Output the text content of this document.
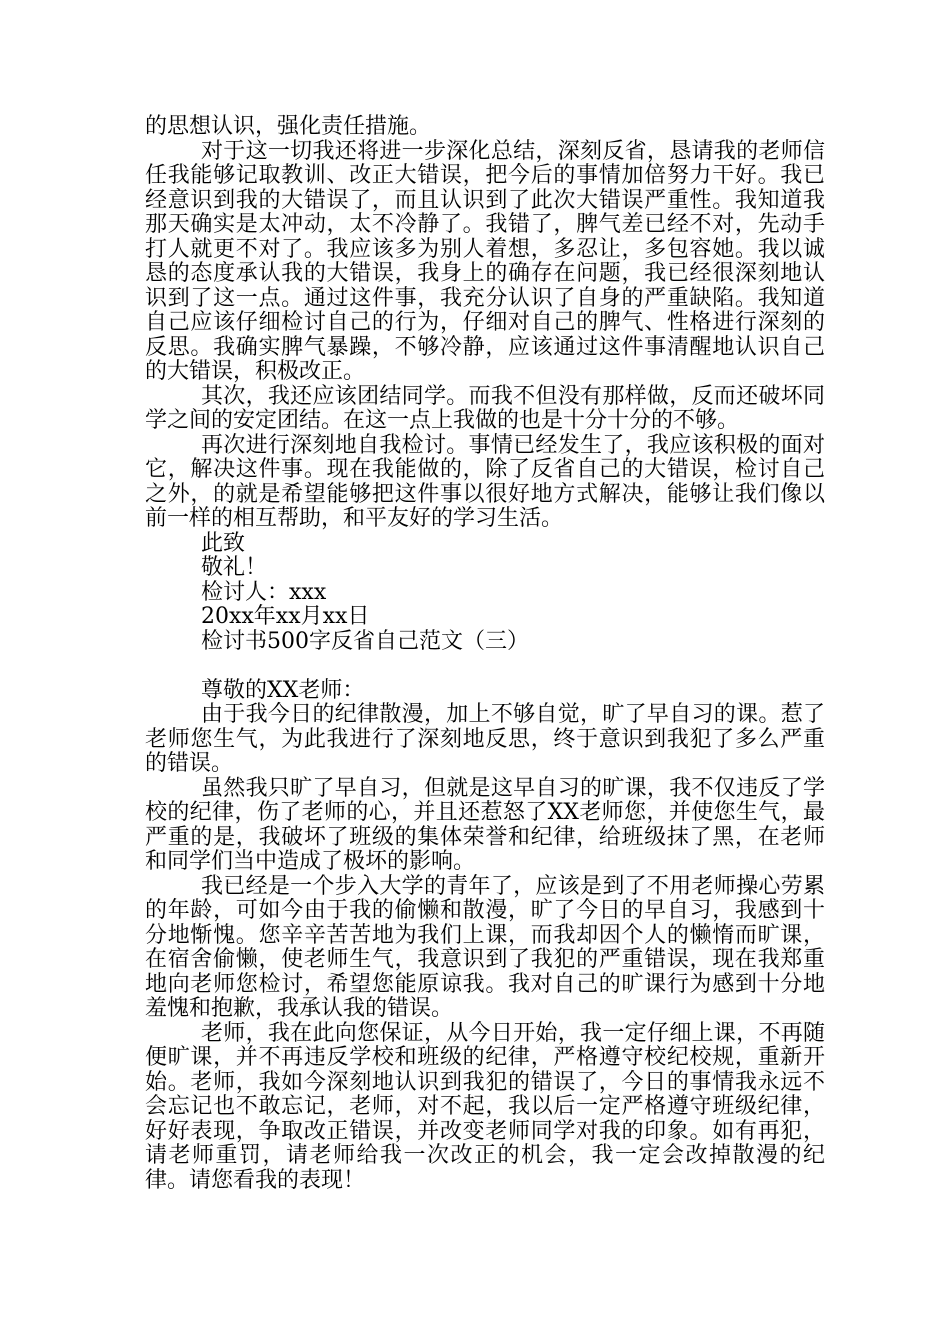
的思想认识，强化责任措施。

对于这一切我还将进一步深化总结，深刻反省，恳请我的老师信任我能够记取教训、改正大错误，把今后的事情加倍努力干好。我已经意识到我的大错误了，而且认识到了此次大错误严重性。我知道我那天确实是太冲动，太不冷静了。我错了，脾气差已经不对，先动手打人就更不对了。我应该多为别人着想，多忍让，多包容她。我以诚恳的态度承认我的大错误，我身上的确存在问题，我已经很深刻地认识到了这一点。通过这件事，我充分认识了自身的严重缺陷。我知道自己应该仔细检讨自己的行为，仔细对自己的脾气、性格进行深刻的反思。我确实脾气暴躁，不够冷静，应该通过这件事清醒地认识自己的大错误，积极改正。

其次，我还应该团结同学。而我不但没有那样做，反而还破坏同学之间的安定团结。在这一点上我做的也是十分十分的不够。

再次进行深刻地自我检讨。事情已经发生了，我应该积极的面对它，解决这件事。现在我能做的，除了反省自己的大错误，检讨自己之外，的就是希望能够把这件事以很好地方式解决，能够让我们像以前一样的相互帮助，和平友好的学习生活。

此致

敬礼！

检讨人：xxx

20xx年xx月xx日

检讨书500字反省自己范文（三）

尊敬的XX老师：

由于我今日的纪律散漫，加上不够自觉，旷了早自习的课。惹了老师您生气，为此我进行了深刻地反思，终于意识到我犯了多么严重的错误。

虽然我只旷了早自习，但就是这早自习的旷课，我不仅违反了学校的纪律，伤了老师的心，并且还惹怒了XX老师您，并使您生气，最严重的是，我破坏了班级的集体荣誉和纪律，给班级抹了黑，在老师和同学们当中造成了极坏的影响。

我已经是一个步入大学的青年了，应该是到了不用老师操心劳累的年龄，可如今由于我的偷懒和散漫，旷了今日的早自习，我感到十分地惭愧。您辛辛苦苦地为我们上课，而我却因个人的懒惰而旷课，在宿舍偷懒，使老师生气，我意识到了我犯的严重错误，现在我郑重地向老师您检讨，希望您能原谅我。我对自己的旷课行为感到十分地羞愧和抱歉，我承认我的错误。

老师，我在此向您保证，从今日开始，我一定仔细上课，不再随便旷课，并不再违反学校和班级的纪律，严格遵守校纪校规，重新开始。老师，我如今深刻地认识到我犯的错误了，今日的事情我永远不会忘记也不敢忘记，老师，对不起，我以后一定严格遵守班级纪律，好好表现，争取改正错误，并改变老师同学对我的印象。如有再犯，请老师重罚，请老师给我一次改正的机会，我一定会改掉散漫的纪律。请您看我的表现！
